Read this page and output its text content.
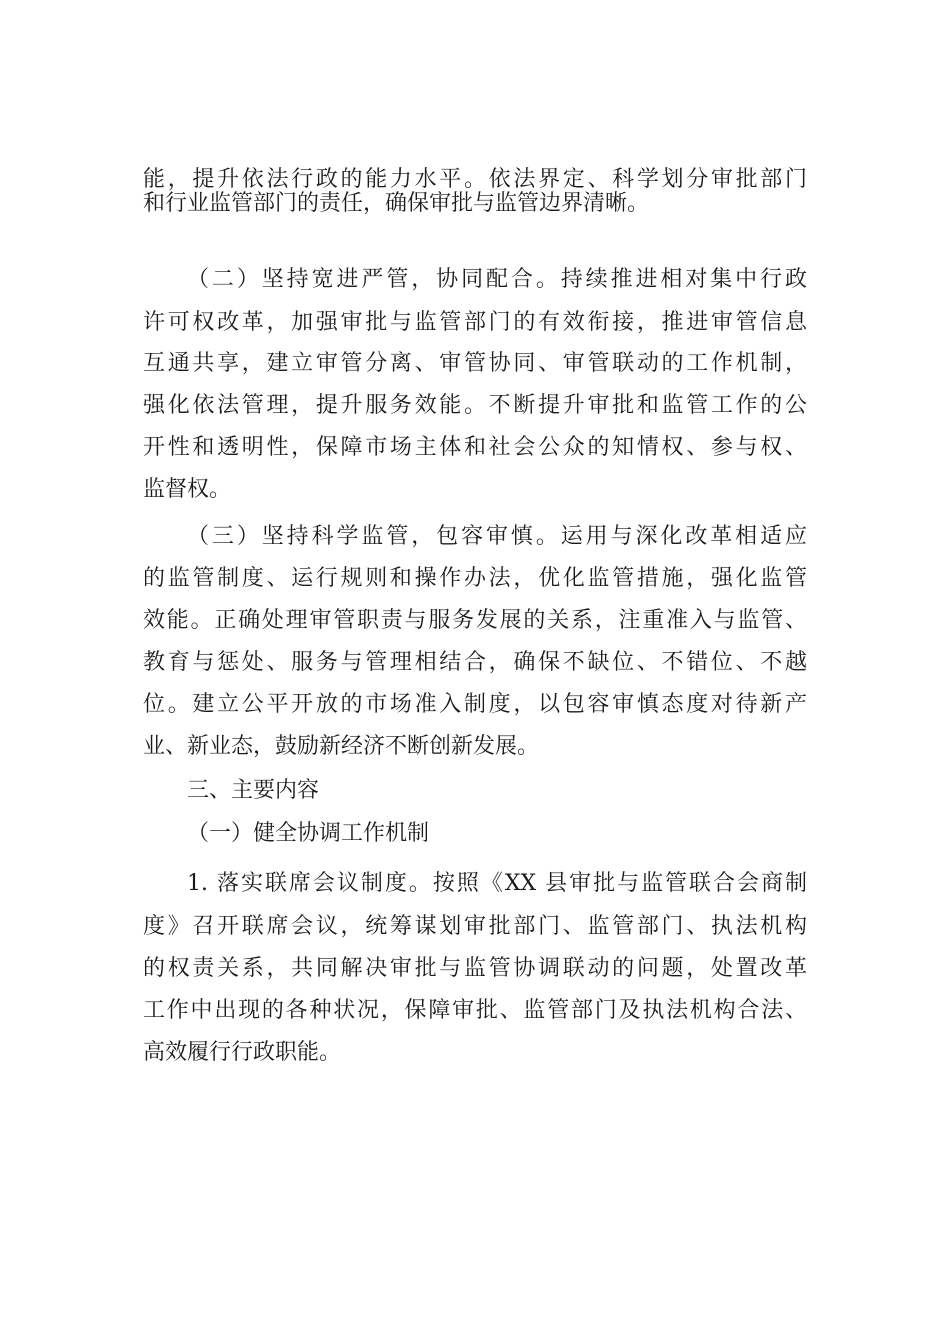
能，提升依法行政的能力水平。依法界定、科学划分审批部门

和行业监管部门的责任，确保审批与监管边界清晰。

（二）坚持宽进严管，协同配合。持续推进相对集中行政

许可权改革，加强审批与监管部门的有效衔接，推进审管信息

互通共享，建立审管分离、审管协同、审管联动的工作机制，

强化依法管理，提升服务效能。不断提升审批和监管工作的公

开性和透明性，保障市场主体和社会公众的知情权、参与权、

监督权。

（三）坚持科学监管，包容审慎。运用与深化改革相适应

的监管制度、运行规则和操作办法，优化监管措施，强化监管

效能。正确处理审管职责与服务发展的关系，注重准入与监管、

教育与惩处、服务与管理相结合，确保不缺位、不错位、不越

位。建立公平开放的市场准入制度，以包容审慎态度对待新产

业、新业态，鼓励新经济不断创新发展。

三、主要内容

（一）健全协调工作机制

1. 落实联席会议制度。按照《XX 县审批与监管联合会商制

度》召开联席会议，统筹谋划审批部门、监管部门、执法机构

的权责关系，共同解决审批与监管协调联动的问题，处置改革

工作中出现的各种状况，保障审批、监管部门及执法机构合法、

高效履行行政职能。
